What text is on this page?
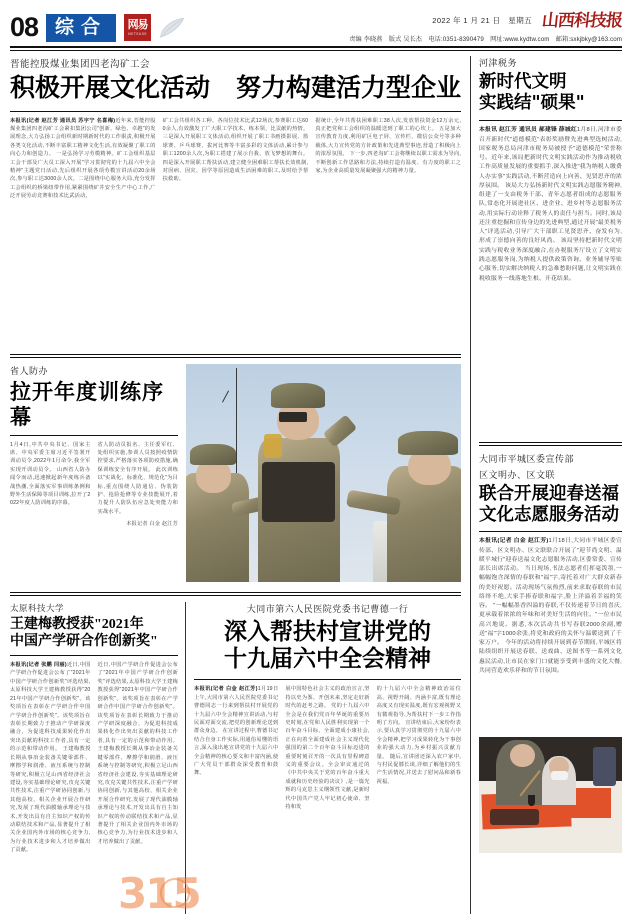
08 综合	网易
NETEASE
2022 年 1 月 21 日　星期五 山西科技报
责编 李晓燕　版式 吴长杰　电话:0351-8390479　网址:www.kydtw.com　邮箱:sxkjbky@163.com
晋能控股煤业集团四老沟矿工会
积极开展文化活动 努力构建活力型企业
本报讯(记者 赵江芳 通讯员 苏宇宁 名喜梅)近年来,晋能控股煤业集团四老沟矿工会紧扣集团公司"创新、绿色、卓越"的发展理念,大力弘扬工会组织新时期新时代的工作职责,积极开展各类文化活动,不断丰富职工精神文化生活,有效凝聚了职工的向心力和创造力。 一是弘扬学习劳模精神。矿工会组织基层工会干部及广大员工深入开展"学习贯彻党的十九届六中全会精神"主题党日活动,先后组织开展各项劳模宣讲活动20余场次,参与职工达3000余人次。二是围绕中心服务大局,充分发挥工会组织的桥梁纽带作用,紧紧围绕矿井安全生产中心工作,广泛开展劳动竞赛和技术比武活动。
矿工会共组织各工种、各岗位技术比武12场次,参赛职工达600余人,有效激发了广大职工学技术、练本领、比贡献的热情。三是深入开展职工文体活动,组织开展了职工书画摄影展、篮球赛、乒乓球赛、拔河比赛等丰富多彩的文体活动,累计参与职工1200余人次,为职工搭建了展示自我、放飞梦想的舞台。 四是深入开展职工帮扶活动,建立健全困难职工帮扶长效机制,对因病、因灾、因学等原因造成生活困难的职工,及时给予帮扶救助。
据统计,全年共帮扶困难职工38人次,发放帮扶资金12万余元,真正把党和工会组织的温暖送到了职工的心坎上。 五是加大宣传教育力度,利用矿区电子屏、宣传栏、微信公众号等多种载体,大力宣传党的方针政策和先进典型事迹,营造了积极向上的浓厚氛围。 下一步,四老沟矿工会将继续以职工需求为导向,不断创新工作思路和方法,持续打造有温度、有力度的职工之家,为企业高质量发展凝聚强大的精神力量。
省人防办
拉开年度训练序幕
1月4日,中共中央书记、国家主席、中央军委主席习近平签署开训动员令,2022年1月命令,我全军实现开训动员令。 山西省人防办闻令而动,迅速掀起新年度练兵备战热潮,全面落实军事训练条例和野外生活保障等项目训练,拉开了2022年度人防训练的序幕。
省人防动员报名、主任委军红、处组织实施,参训人员按照疫情防控要求,严格落实各项防疫措施,确保训练安全有序开展。 此次训练以"实战化、标准化、规范化"为目标,重点围绕人防通信、伪装防护、抢险抢修等专业技能展开,着力提升人防队伍应急处突能力和实战水平。
本报记者 白金 赵江芳
太原科技大学
王建梅教授获"2021年
中国产学研合作创新奖"
本报讯(记者 张鹏 闫丽)近日,中国产学研合作促进会公布了"2021年中国产学研合作创新奖"评选结果,太原科技大学王建梅教授获得"2021年中国产学研合作创新奖"。该奖项旨在表彰在产学研合作中国产学研合作创新奖"。该奖项旨在表彰长期致力于推动产学研深度融合、为促进科技成果转化作出突出贡献的科技工作者,具有一定的示范和带动作用。 王建梅教授长期从事冶金装备关键零部件、摩擦学和润滑、液压系统与控制等研究,积极立足山西省经济社会建设,夯实基础理论研究,攻克关键共性技术,注重产学研协同创新,与其他高校、相关企业开展合作研究,发展了现代油膜轴承理论与技术,开发出具有自主知识产权的传动联结技术和产品,显著提升了相关企业国内外市场的核心竞争力,为行业技术进步和人才培养做出了贡献。
近日,中国产学研合作促进会公布了"2021年中国产学研合作创新奖"评选结果,太原科技大学王建梅教授获得"2021年中国产学研合作创新奖"。该奖项旨在表彰在产学研合作中国产学研合作创新奖"。该奖项旨在表彰长期致力于推动产学研深度融合、为促进科技成果转化作出突出贡献的科技工作者,具有一定的示范和带动作用。 王建梅教授长期从事冶金装备关键零部件、摩擦学和润滑、液压系统与控制等研究,积极立足山西省经济社会建设,夯实基础理论研究,攻克关键共性技术,注重产学研协同创新,与其他高校、相关企业开展合作研究,发展了现代油膜轴承理论与技术,开发出具有自主知识产权的传动联结技术和产品,显著提升了相关企业国内外市场的核心竞争力,为行业技术进步和人才培养做出了贡献。
大同市第六人民医院党委书记曹德一行
深入帮扶村宣讲党的
十九届六中全会精神
本报讯(记者 白金 赵江芳)1月19日上午,大同市第六人民医院党委书记曹德同志一行来到帮扶村开展党的十九届六中全会精神宣讲活动,与村民面对面交流,把党的创新理论送到群众身边。 在宣讲过程中,曹德书记结合自身工作实际,用通俗易懂的语言,深入浅出地宣讲党的十九届六中全会精神的核心要义和丰富内涵,使广大党员干部群众深受教育和鼓舞。
展中国特色社会主义的政治宣言,坚持以史为鉴、开创未来,坚定走好新时代的赶考之路。 党的十九届六中全会是在我们党百年华诞的重要历史时刻,在党和人民胜利实现第一个百年奋斗目标、全面建成小康社会,正在向着全面建成社会主义现代化强国的第二个百年奋斗目标迈进的重要时刻召开的一次具有里程碑意义的重要会议。全会审议通过的《中共中央关于党的百年奋斗重大成就和历史经验的决议》,是一篇光辉的马克思主义纲领性文献,是新时代中国共产党人牢记初心使命、坚持和发
的十九届六中全会精神政治站位高、视野开阔、内涵丰富,既有理论高度又有现实温度,既有宏观视野又有微观指导,为帮扶村下一步工作指明了方向。 宣讲结束后,大家纷纷表示,要认真学习贯彻党的十九届六中全会精神,把学习成果转化为干事创业的强大动力,为乡村振兴贡献力量。 随后,宣讲团还深入农户家中,与村民促膝长谈,详细了解他们的生产生活情况,并送去了慰问品和新春祝福。
315
河津税务
新时代文明
实践结"硕果"
本报讯 赵江芳 通讯员 郝建锋 薛城红1月8日,河津市委召开新时代"道德模范"表彰奖励暨先进典型选树活动,国家税务总局河津市税务局被授予"道德模范"荣誉称号。近年来,该局把新时代文明实践活动作为推动税收工作高质量发展的重要抓手,深入推进"我为纳税人缴费人办实事"实践活动,不断营造向上向善、见贤思齐的浓厚氛围。 该局大力弘扬新时代文明实践志愿服务精神,组建了一支由税务干部、青年志愿者组成的志愿服务队,常态化开展进社区、进企业、进乡村等志愿服务活动,用实际行动诠释了税务人的责任与担当。同时,该局还注重挖掘和宣传身边的先进典型,通过开展"最美税务人"评选活动,引导广大干部职工见贤思齐、奋发有为,形成了崇德向善的良好风尚。 该局坚持把新时代文明实践与税收业务深度融合,在办税服务厅设立了文明实践志愿服务岗,为纳税人提供政策咨询、业务辅导等贴心服务,切实解决纳税人的急难愁盼问题,让文明实践在税收服务一线落地生根、开花结果。
大同市平城区委宣传部
区文明办、区文联
联合开展迎春送福
文化志愿服务活动
本报讯(记者 白金 赵江芳)1月18日,大同市平城区委宣传部、区文明办、区文联联合开展了"迎节尚文明、温暖平城行"迎春送福文化志愿服务活动,区委常委、宣传部长出席活动。 当日现场,书法志愿者们挥毫泼墨,一幅幅饱含深情的春联和"福"字,寄托着对广大群众新春的美好祝愿。活动现场气氛热烈,前来求取春联的市民络绎不绝,大家手捧春联和福字,脸上洋溢着幸福的笑容。 "一幅幅墨香四溢的春联,不仅传递着节日的喜庆,更承载着浓浓的年味和对美好生活的向往。"一位市民高兴地说。据悉,本次活动共书写春联2000余副,赠送"福"字1000余张,将党和政府的关怀与温暖送到了千家万户。 今年的活动将持续开展到春节期间,平城区将陆续组织开展送春联、送戏曲、送图书等一系列文化惠民活动,让市民在家门口就能享受到丰盛的文化大餐,共同营造欢乐祥和的节日氛围。
